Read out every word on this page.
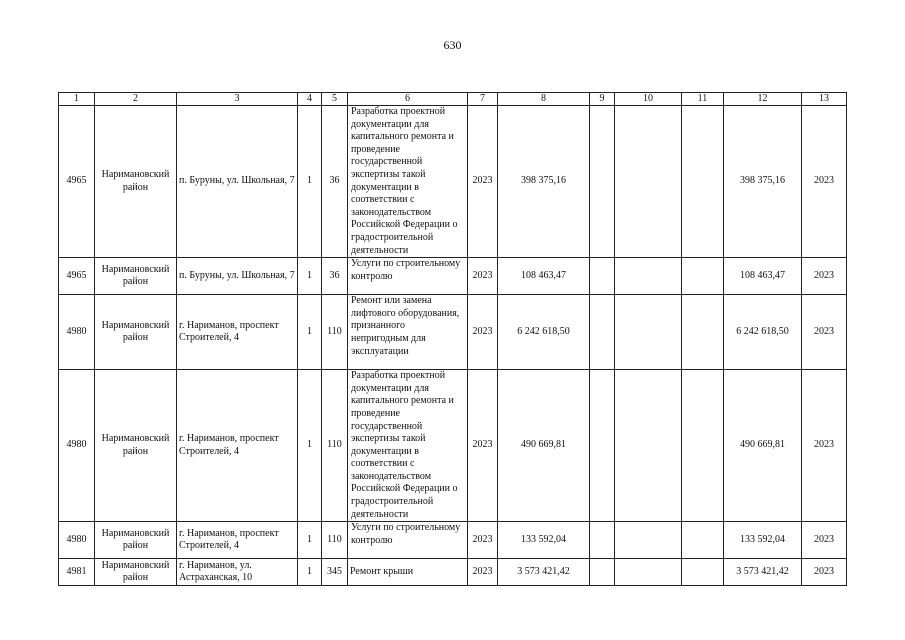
630
1	2	3	4	5	6	7	8	9	10	11	12	13
4965	Наримановский район	п. Буруны, ул. Школьная, 7	1	36	Разработка проектной документации для капитального ремонта и проведение государственной экспертизы такой документации в соответствии с законодательством Российской Федерации о градостроительной деятельности	2023	398 375,16				398 375,16	2023
4965	Наримановский район	п. Буруны, ул. Школьная, 7	1	36	Услуги по строительному контролю	2023	108 463,47				108 463,47	2023
4980	Наримановский район	г. Нариманов, проспект Строителей, 4	1	110	Ремонт или замена лифтового оборудования, признанного непригодным для эксплуатации	2023	6 242 618,50				6 242 618,50	2023
4980	Наримановский район	г. Нариманов, проспект Строителей, 4	1	110	Разработка проектной документации для капитального ремонта и проведение государственной экспертизы такой документации в соответствии с законодательством Российской Федерации о градостроительной деятельности	2023	490 669,81				490 669,81	2023
4980	Наримановский район	г. Нариманов, проспект Строителей, 4	1	110	Услуги по строительному контролю	2023	133 592,04				133 592,04	2023
4981	Наримановский район	г. Нариманов, ул. Астраханская, 10	1	345	Ремонт крыши	2023	3 573 421,42				3 573 421,42	2023
